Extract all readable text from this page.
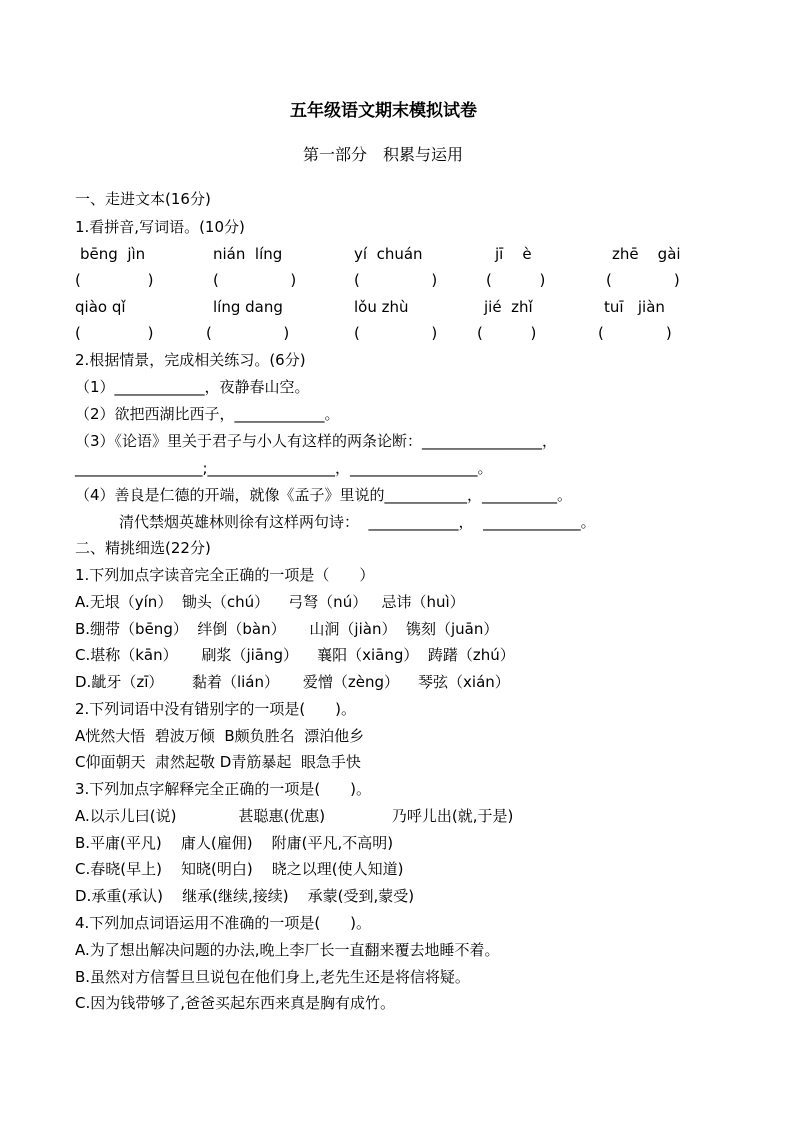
五年级语文期末模拟试卷
第一部分　积累与运用
一、走进文本(16分)
1.看拼音,写词语。(10分)
bēng  jìn	nián  líng	yí  chuán	jī    è	zhē    gài
(              )	(               )	(               )	(          )	(             )
qiào qǐ	líng dang	lǒu zhù	jié  zhǐ	tuī   jiàn
(              )	(               )	(               )	(          )	(             )
2.根据情景，完成相关练习。(6分)
（1）____________，夜静春山空。
（2）欲把西湖比西子，____________。
（3）《论语》里关于君子与小人有这样的两条论断：________________，
_________________;_________________，_________________。
（4）善良是仁德的开端，就像《孟子》里说的___________，__________。
清代禁烟英雄林则徐有这样两句诗：  ____________，  _____________。
二、精挑细选(22分)
1.下列加点字读音完全正确的一项是（　　）
A.无垠（yín）  锄头（chú）    弓弩（nú）   忌讳（huì）
B.绷带（bēng）  绊倒（bàn）     山涧（jiàn）  镌刻（juān）
C.堪称（kān）     刷浆（jiāng）    襄阳（xiāng）  踌躇（zhú）
D.龇牙（zī）      黏着（lián）     爱憎（zèng）    琴弦（xián）
2.下列词语中没有错别字的一项是(　　)。
A恍然大悟  碧波万倾  B颇负胜名  漂泊他乡
C仰面朝天  肃然起敬 D青筋暴起  眼急手快
3.下列加点字解释完全正确的一项是(　　)。
A.以示儿曰(说)             甚聪惠(优惠)              乃呼儿出(就,于是)
B.平庸(平凡)    庸人(雇佣)    附庸(平凡,不高明)
C.春晓(早上)    知晓(明白)    晓之以理(使人知道)
D.承重(承认)    继承(继续,接续)    承蒙(受到,蒙受)
4.下列加点词语运用不准确的一项是(　　)。
A.为了想出解决问题的办法,晚上李厂长一直翻来覆去地睡不着。
B.虽然对方信誓旦旦说包在他们身上,老先生还是将信将疑。
C.因为钱带够了,爸爸买起东西来真是胸有成竹。
